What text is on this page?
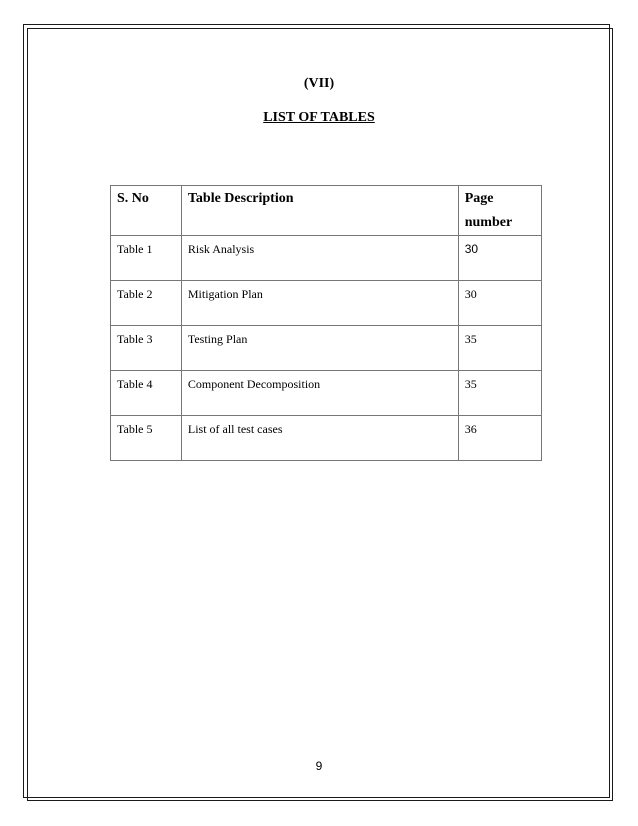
(VII)
LIST OF TABLES
S. No	Table Description	Page
number

Table 1	Risk Analysis	30
Table 2	Mitigation Plan	30
Table 3	Testing Plan	35
Table 4	Component Decomposition	35
Table 5	List of all test cases	36
9
